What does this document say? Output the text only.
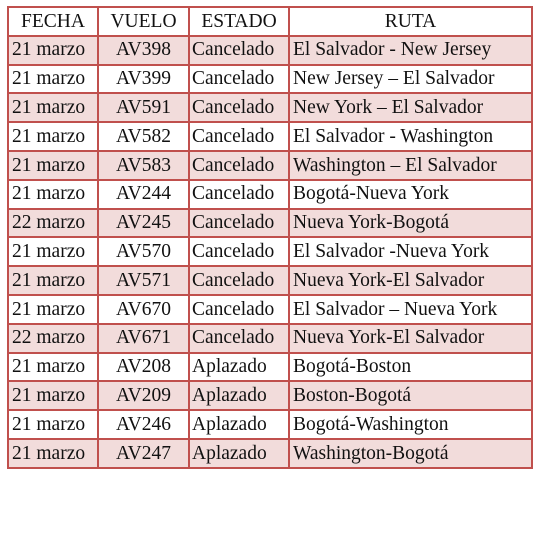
FECHA	VUELO	ESTADO	RUTA
21 marzo	AV398	Cancelado	El Salvador - New Jersey
21 marzo	AV399	Cancelado	New Jersey – El Salvador
21 marzo	AV591	Cancelado	New York – El Salvador
21 marzo	AV582	Cancelado	El Salvador - Washington
21 marzo	AV583	Cancelado	Washington – El Salvador
21 marzo	AV244	Cancelado	Bogotá-Nueva York
22 marzo	AV245	Cancelado	Nueva York-Bogotá
21 marzo	AV570	Cancelado	El Salvador -Nueva York
21 marzo	AV571	Cancelado	Nueva York-El Salvador
21 marzo	AV670	Cancelado	El Salvador – Nueva York
22 marzo	AV671	Cancelado	Nueva York-El Salvador
21 marzo	AV208	Aplazado	Bogotá-Boston
21 marzo	AV209	Aplazado	Boston-Bogotá
21 marzo	AV246	Aplazado	Bogotá-Washington
21 marzo	AV247	Aplazado	Washington-Bogotá
